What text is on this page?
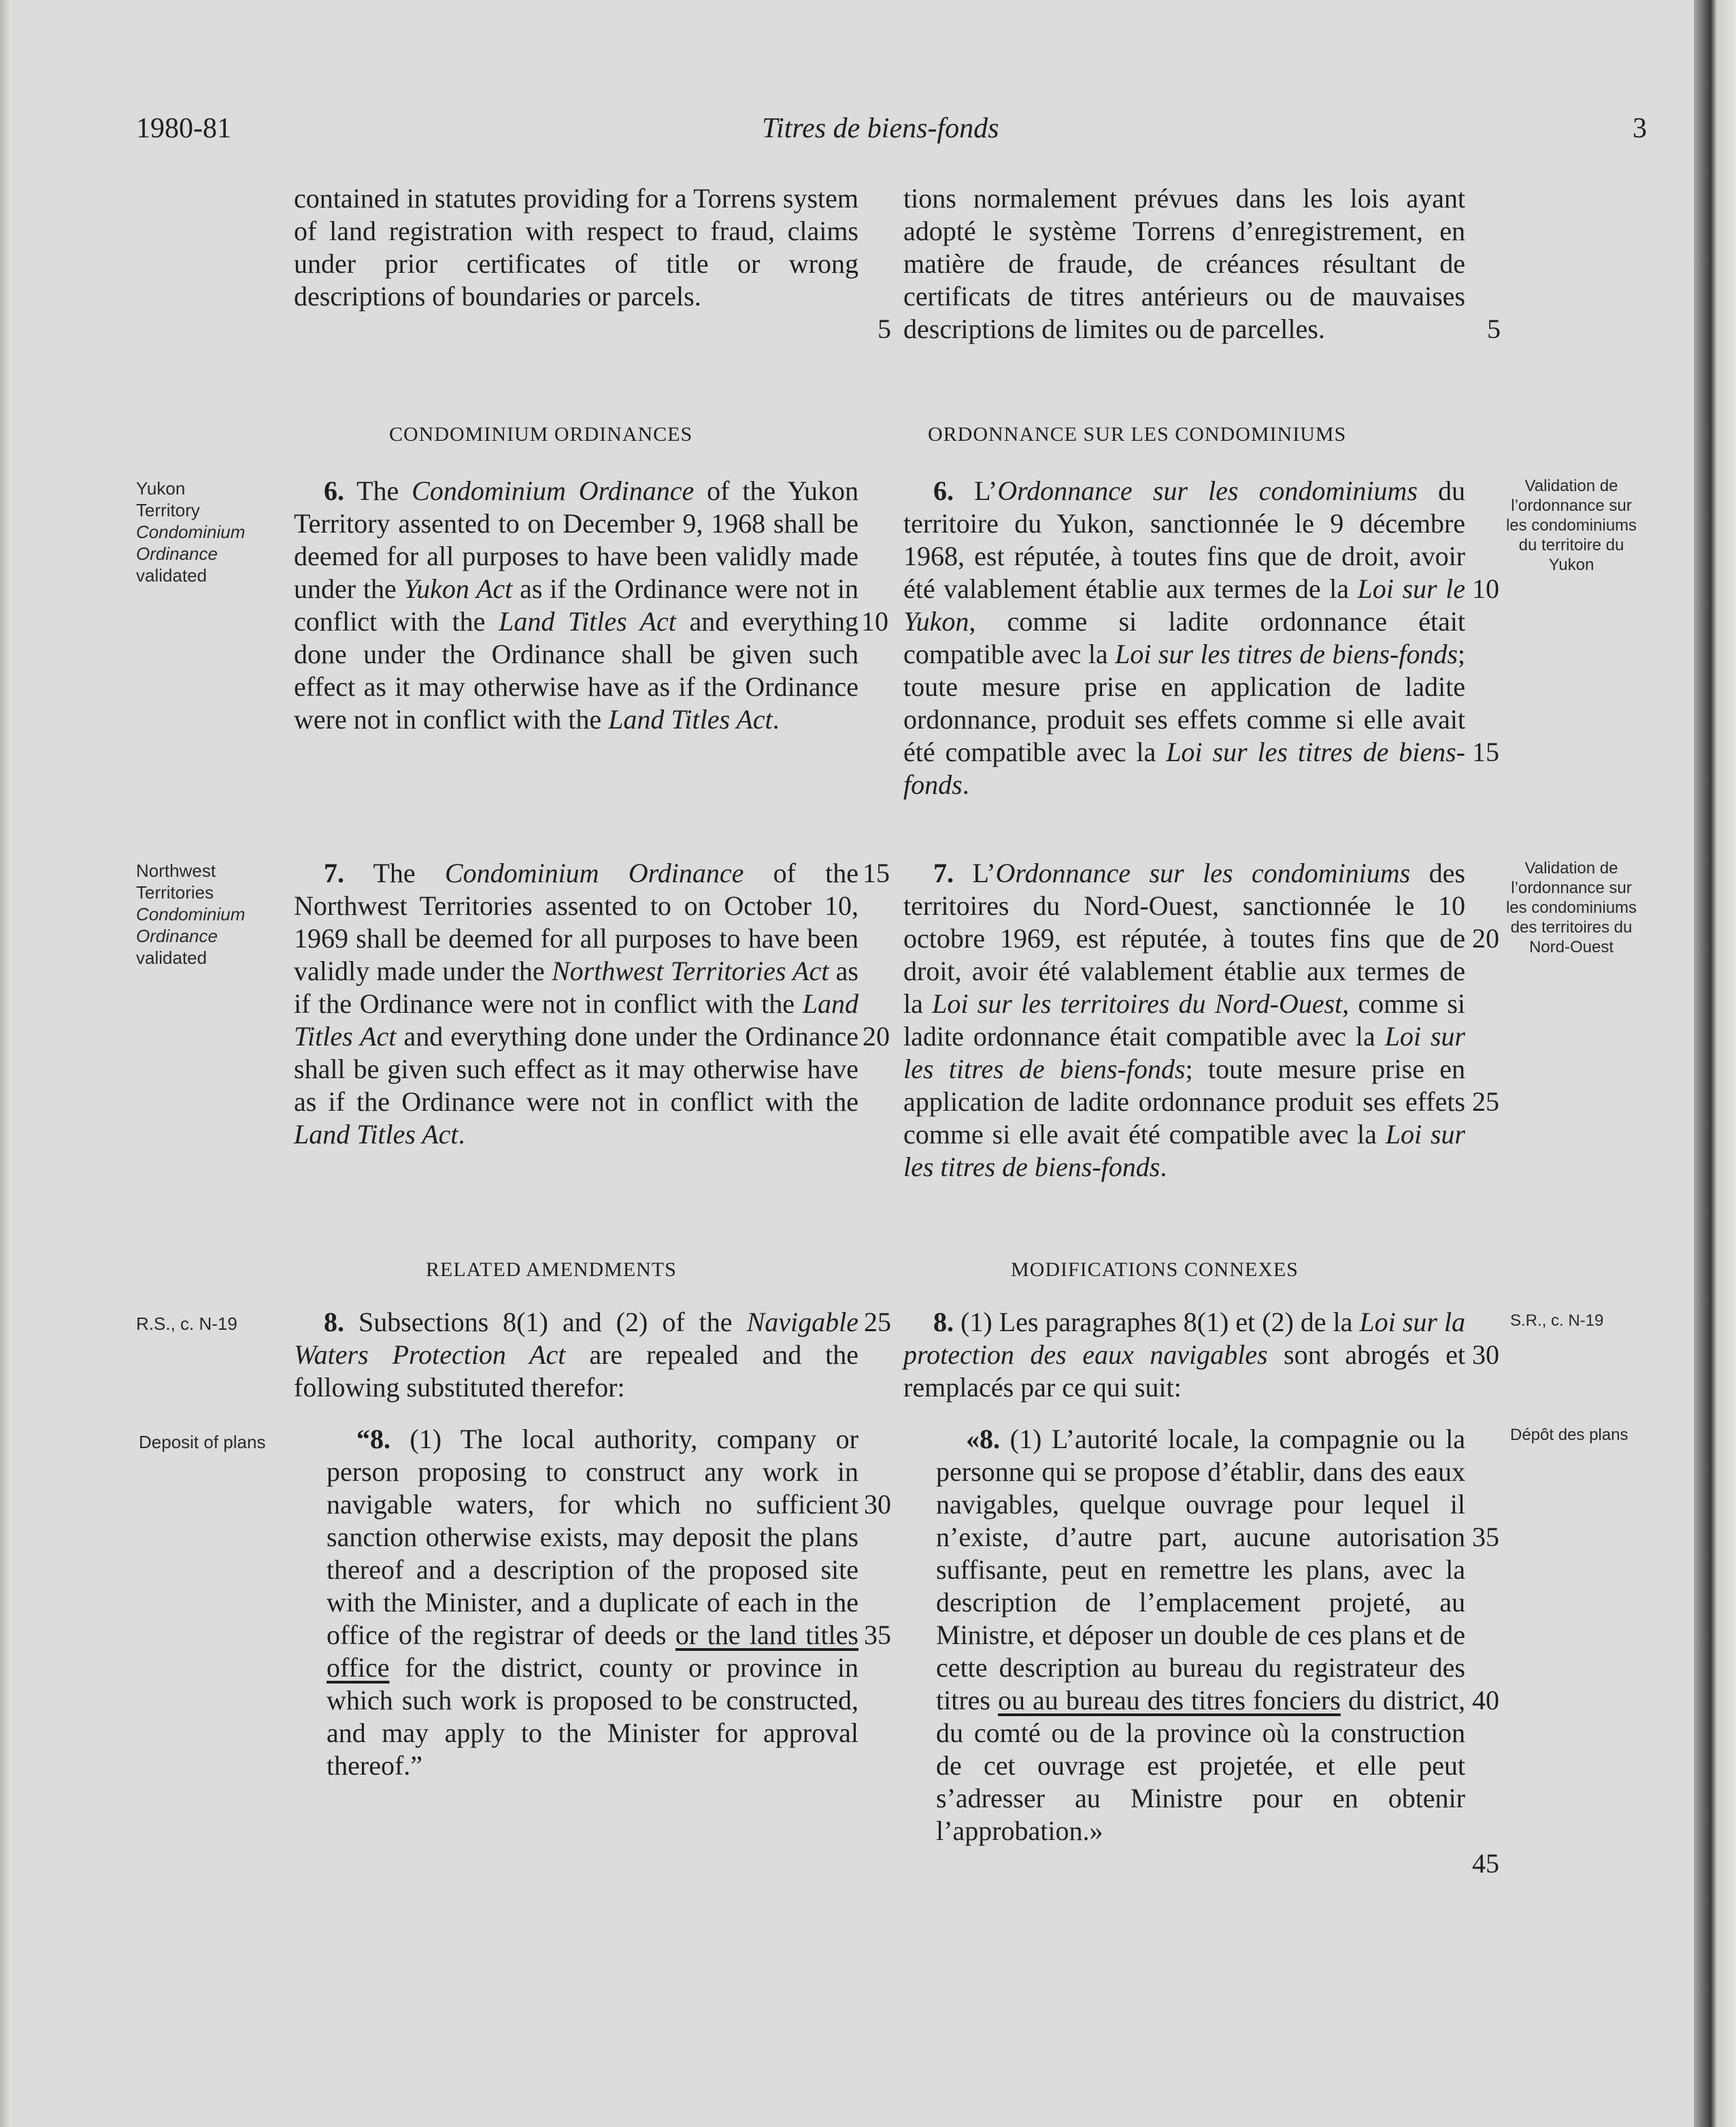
1980-81	Titres de biens-fonds	3

contained in statutes providing for a Torrens system of land registration with respect to fraud, claims under prior certificates of title or wrong descriptions of boundaries or parcels.

tions normalement prévues dans les lois ayant adopté le système Torrens d’enregistrement, en matière de fraude, de créances résultant de certificats de titres antérieurs ou de mauvaises descriptions de limites ou de parcelles.

CONDOMINIUM ORDINANCES	ORDONNANCE SUR LES CONDOMINIUMS
Yukon
Territory
Condominium
Ordinance
validated

6. The Condominium Ordinance of the Yukon Territory assented to on December 9, 1968 shall be deemed for all purposes to have been validly made under the Yukon Act as if the Ordinance were not in conflict with the Land Titles Act and everything done under the Ordinance shall be given such effect as it may otherwise have as if the Ordinance were not in conflict with the Land Titles Act.

6. L’Ordonnance sur les condominiums du territoire du Yukon, sanctionnée le 9 décembre 1968, est réputée, à toutes fins que de droit, avoir été valablement établie aux termes de la Loi sur le Yukon, comme si ladite ordonnance était compatible avec la Loi sur les titres de biens-fonds; toute mesure prise en application de ladite ordonnance, produit ses effets comme si elle avait été compatible avec la Loi sur les titres de biens-fonds.

Validation de l’ordonnance sur les condominiums du territoire du Yukon
Northwest
Territories
Condominium
Ordinance
validated

7. The Condominium Ordinance of the Northwest Territories assented to on October 10, 1969 shall be deemed for all purposes to have been validly made under the Northwest Territories Act as if the Ordinance were not in conflict with the Land Titles Act and everything done under the Ordinance shall be given such effect as it may otherwise have as if the Ordinance were not in conflict with the Land Titles Act.

7. L’Ordonnance sur les condominiums des territoires du Nord-Ouest, sanctionnée le 10 octobre 1969, est réputée, à toutes fins que de droit, avoir été valablement établie aux termes de la Loi sur les territoires du Nord-Ouest, comme si ladite ordonnance était compatible avec la Loi sur les titres de biens-fonds; toute mesure prise en application de ladite ordonnance produit ses effets comme si elle avait été compatible avec la Loi sur les titres de biens-fonds.

Validation de l’ordonnance sur les condominiums des territoires du Nord-Ouest
RELATED AMENDMENTS	MODIFICATIONS CONNEXES
R.S., c. N-19	8. Subsections 8(1) and (2) of the Navigable Waters Protection Act are repealed and the following substituted therefor:

8. (1) Les paragraphes 8(1) et (2) de la Loi sur la protection des eaux navigables sont abrogés et remplacés par ce qui suit:

S.R., c. N-19
Deposit of plans	“8. (1) The local authority, company or person proposing to construct any work in navigable waters, for which no sufficient sanction otherwise exists, may deposit the plans thereof and a description of the proposed site with the Minister, and a duplicate of each in the office of the registrar of deeds or the land titles office for the district, county or province in which such work is proposed to be constructed, and may apply to the Minister for approval thereof.”

«8. (1) L’autorité locale, la compagnie ou la personne qui se propose d’établir, dans des eaux navigables, quelque ouvrage pour lequel il n’existe, d’autre part, aucune autorisation suffisante, peut en remettre les plans, avec la description de l’emplacement projeté, au Ministre, et déposer un double de ces plans et de cette description au bureau du registrateur des titres ou au bureau des titres fonciers du district, du comté ou de la province où la construction de cet ouvrage est projetée, et elle peut s’adresser au Ministre pour en obtenir l’approbation.»

Dépôt des plans
5	5
10
10
15
15
20
20
25
25
30
30
35
35
40
45
